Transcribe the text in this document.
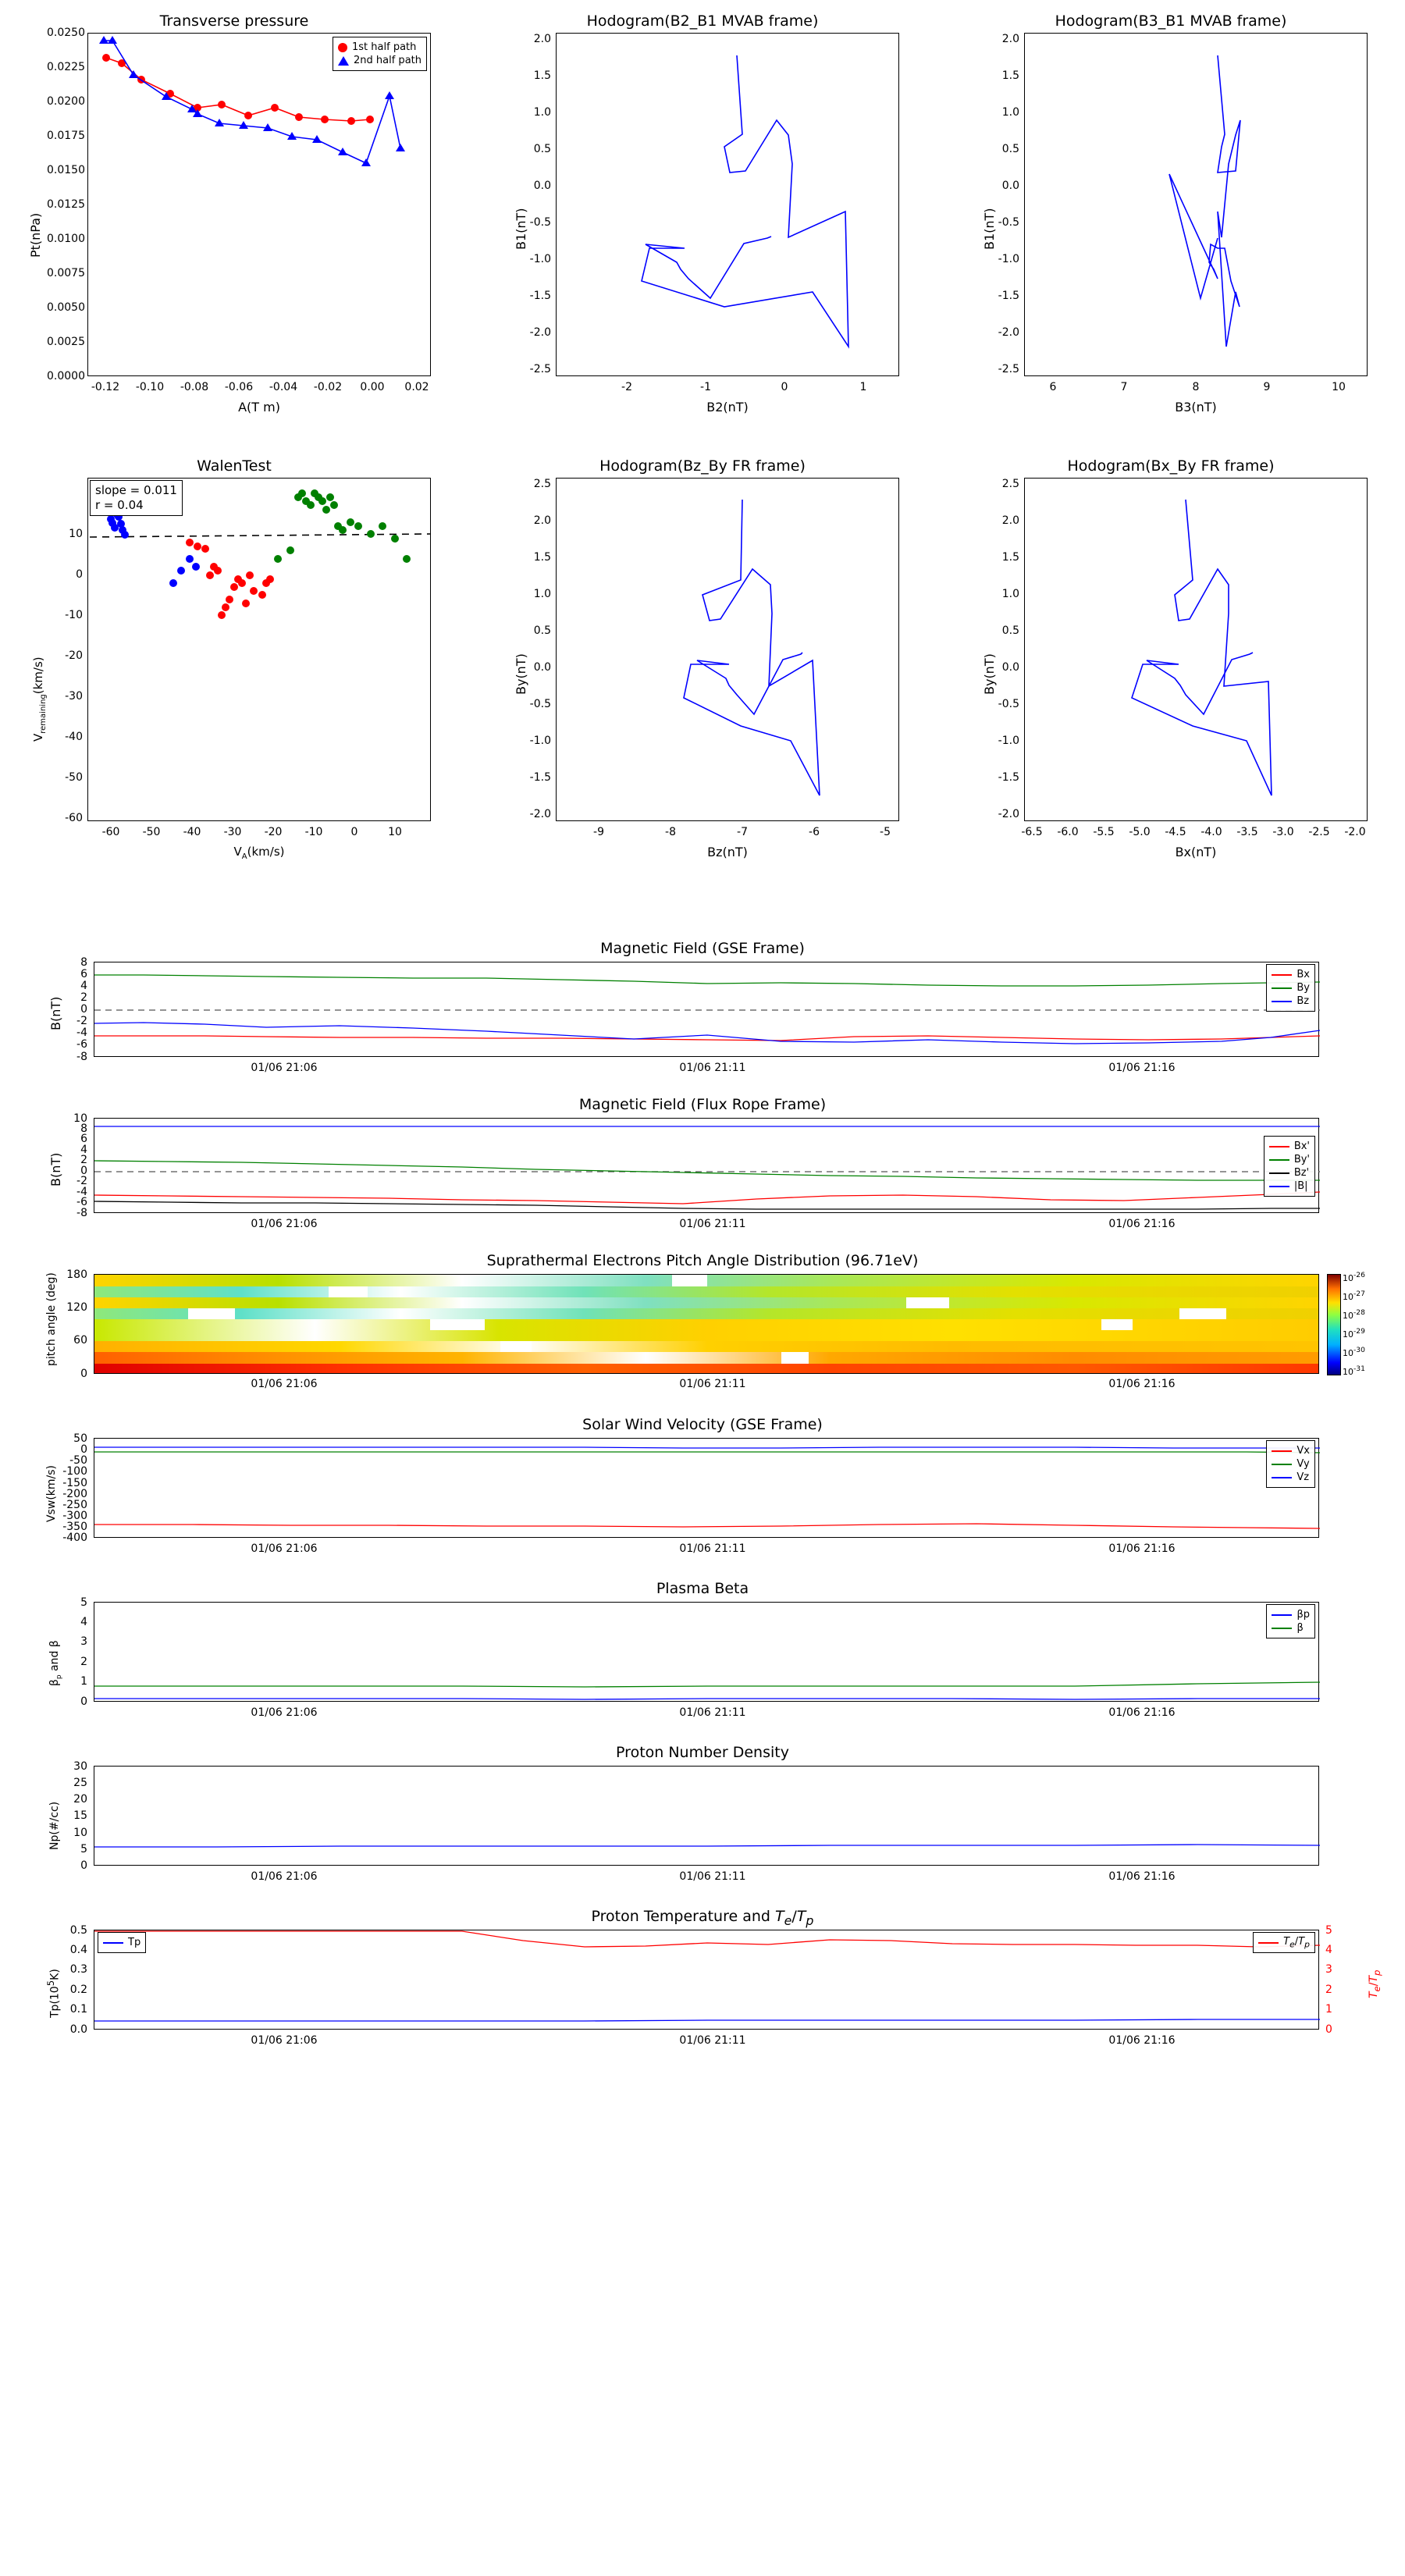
Transverse pressure
1st half path
2nd half path
Pt(nPa)
A(T m)
0.0000
0.0025
0.0050
0.0075
0.0100
0.0125
0.0150
0.0175
0.0200
0.0225
0.0250
-0.12 -0.10 -0.08 -0.06 -0.04 -0.02 0.00 0.02
Hodogram(B2_B1 MVAB frame)
B1(nT)
B2(nT)
-2.5
-2.0
-1.5
-1.0
-0.5
0.0
0.5
1.0
1.5
2.0
-2	-1	0	1
Hodogram(B3_B1 MVAB frame)
B1(nT)
B3(nT)
-2.5
-2.0
-1.5
-1.0
-0.5
0.0
0.5
1.0
1.5
2.0
6	7	8	9	10
WalenTest
slope = 0.011
r = 0.04
$V_{remaining}(km/s)$
$V_A(km/s)$
-60
-50
-40
-30
-20
-10
0
10
-60 -50 -40 -30 -20 -10	0	10
Hodogram(Bz_By FR frame)
By(nT)
Bz(nT)
-2.0
-1.5
-1.0
-0.5
0.0
0.5
1.0
1.5
2.0
2.5
-9	-8	-7	-6	-5
Hodogram(Bx_By FR frame)
By(nT)
Bx(nT)
-2.0
-1.5
-1.0
-0.5
0.0
0.5
1.0
1.5
2.0
2.5
-6.5 -6.0 -5.5 -5.0 -4.5 -4.0 -3.5 -3.0 -2.5 -2.0
Magnetic Field (GSE Frame)
Bx
By
Bz
B(nT)
-8
-6
-4
-2
0
2
4
6
8
01/06 21:06	01/06 21:11	01/06 21:16
Magnetic Field (Flux Rope Frame)
Bx'
By'
Bz'
|B|
B(nT)
-8
-6
-4
-2
0
2
4
6
8
10
01/06 21:06	01/06 21:11	01/06 21:16
Suprathermal Electrons Pitch Angle Distribution (96.71eV)
pitch angle (deg)
0
60
120
180
01/06 21:06	01/06 21:11	01/06 21:16
$10^{-26}$
$10^{-27}$
$10^{-28}$
$10^{-29}$
$10^{-30}$
$10^{-31}$
Solar Wind Velocity (GSE Frame)
Vx
Vy
Vz
Vsw(km/s)
50
0
-50
-100
-150
-200
-250
-300
-350
-400
01/06 21:06	01/06 21:11	01/06 21:16
Plasma Beta
βp
β
$\beta_p$ and β
0
1
2
3
4
5
01/06 21:06	01/06 21:11	01/06 21:16
Proton Number Density
Np(#/cc)
0
5
10
15
20
25
30
01/06 21:06	01/06 21:11	01/06 21:16
Proton Temperature and $T_e/T_p$
Tp	$T_e/T_p$
$Tp(10^5K)$
$T_e/T_p$
0.0
0.1
0.2
0.3
0.4
0.5
0
1
2
3
4
5
01/06 21:06	01/06 21:11	01/06 21:16
